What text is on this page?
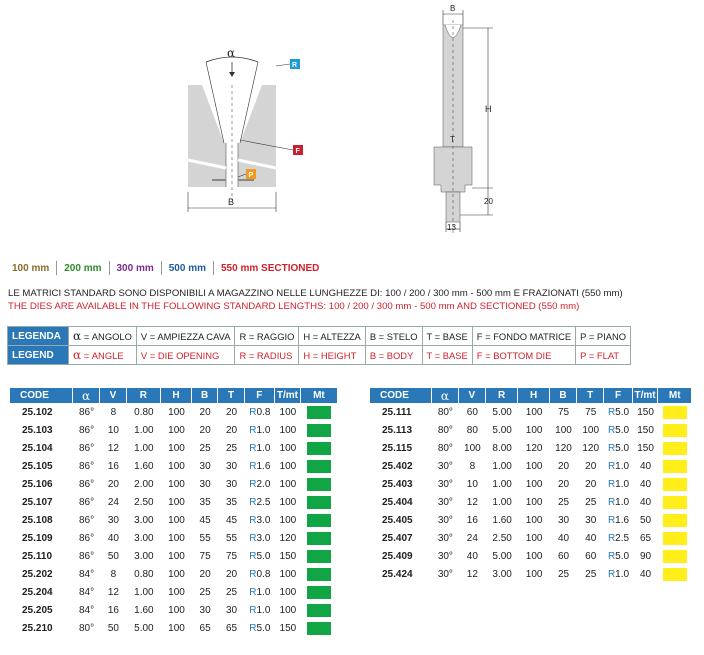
α
R
F
P
B
B
H
T
20
13
100 mm	200 mm	300 mm	500 mm	550 mm SECTIONED
LE MATRICI STANDARD SONO DISPONIBILI A MAGAZZINO NELLE LUNGHEZZE DI: 100 / 200 / 300 mm - 500 mm E FRAZIONATI (550 mm)
THE DIES ARE AVAILABLE IN THE FOLLOWING STANDARD LENGTHS: 100 / 200 / 300 mm - 500 mm AND SECTIONED (550 mm)
LEGENDA	α = ANGOLO	V = AMPIEZZA CAVA	R = RAGGIO	H = ALTEZZA	B = STELO	T = BASE	F = FONDO MATRICE	P = PIANO
LEGEND	α = ANGLE	V = DIE OPENING	R = RADIUS	H = HEIGHT	B = BODY	T = BASE	F = BOTTOM DIE	P = FLAT
CODE	α	V	R	H	B	T	F	T/mt	Mt
25.102	86°	8	0.80	100	20	20	R0.8	100	
25.103	86°	10	1.00	100	20	20	R1.0	100	
25.104	86°	12	1.00	100	25	25	R1.0	100	
25.105	86°	16	1.60	100	30	30	R1.6	100	
25.106	86°	20	2.00	100	30	30	R2.0	100	
25.107	86°	24	2.50	100	35	35	R2.5	100	
25.108	86°	30	3.00	100	45	45	R3.0	100	
25.109	86°	40	3.00	100	55	55	R3.0	120	
25.110	86°	50	3.00	100	75	75	R5.0	150	
25.202	84°	8	0.80	100	20	20	R0.8	100	
25.204	84°	12	1.00	100	25	25	R1.0	100	
25.205	84°	16	1.60	100	30	30	R1.0	100	
25.210	80°	50	5.00	100	65	65	R5.0	150	
CODE	α	V	R	H	B	T	F	T/mt	Mt
25.111	80°	60	5.00	100	75	75	R5.0	150	
25.113	80°	80	5.00	100	100	100	R5.0	150	
25.115	80°	100	8.00	120	120	120	R5.0	150	
25.402	30°	8	1.00	100	20	20	R1.0	40	
25.403	30°	10	1.00	100	20	20	R1.0	40	
25.404	30°	12	1.00	100	25	25	R1.0	40	
25.405	30°	16	1.60	100	30	30	R1.6	50	
25.407	30°	24	2.50	100	40	40	R2.5	65	
25.409	30°	40	5.00	100	60	60	R5.0	90	
25.424	30°	12	3.00	100	25	25	R1.0	40	
